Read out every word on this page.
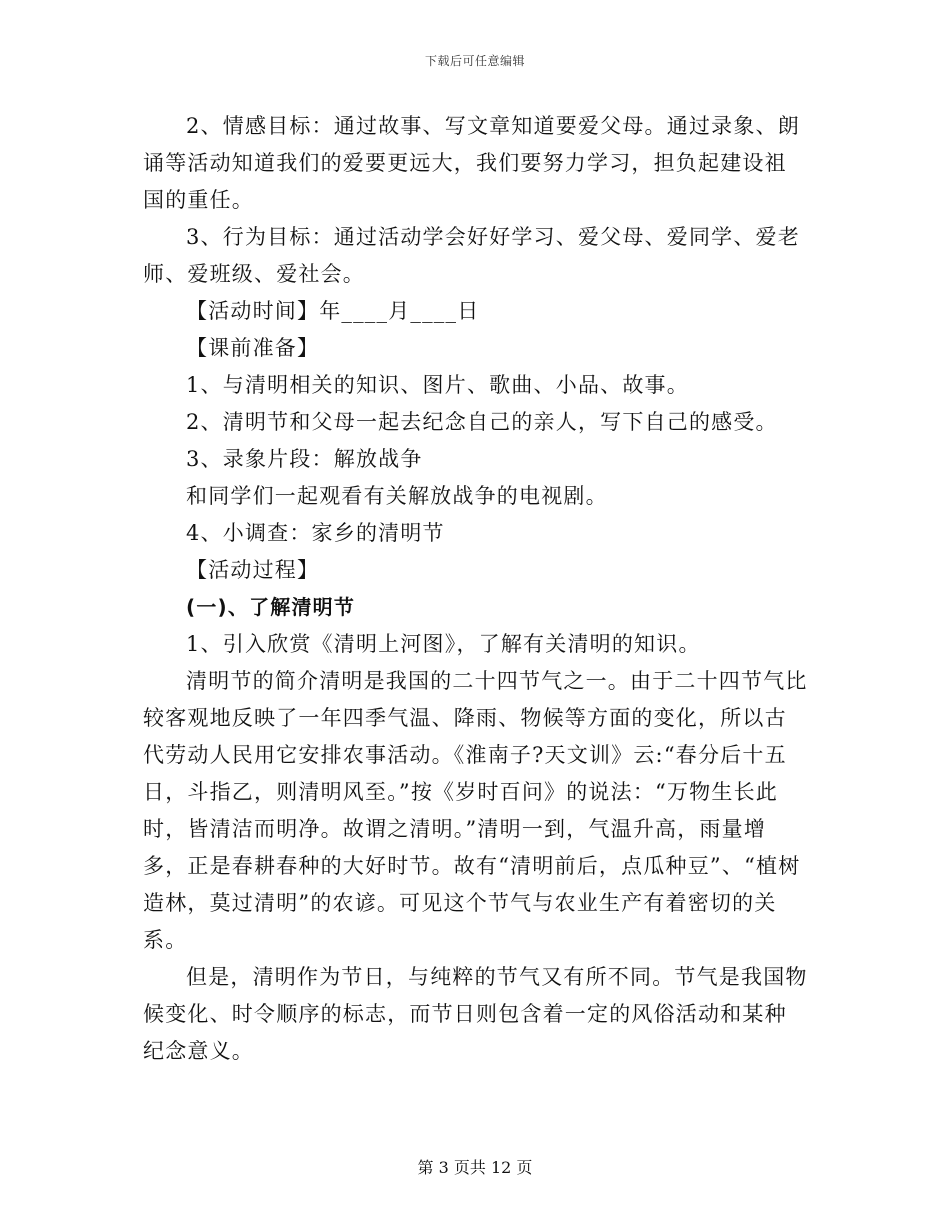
下载后可任意编辑

2、情感目标：通过故事、写文章知道要爱父母。通过录象、朗诵等活动知道我们的爱要更远大，我们要努力学习，担负起建设祖国的重任。

3、行为目标：通过活动学会好好学习、爱父母、爱同学、爱老师、爱班级、爱社会。

【活动时间】年____月____日

【课前准备】

1、与清明相关的知识、图片、歌曲、小品、故事。

2、清明节和父母一起去纪念自己的亲人，写下自己的感受。

3、录象片段：解放战争

和同学们一起观看有关解放战争的电视剧。

4、小调查：家乡的清明节

【活动过程】

(一)、了解清明节

1、引入欣赏《清明上河图》，了解有关清明的知识。

清明节的简介清明是我国的二十四节气之一。由于二十四节气比较客观地反映了一年四季气温、降雨、物候等方面的变化，所以古代劳动人民用它安排农事活动。《淮南子?天文训》云:“春分后十五日，斗指乙，则清明风至。”按《岁时百问》的说法：“万物生长此时，皆清洁而明净。故谓之清明。”清明一到，气温升高，雨量增多，正是春耕春种的大好时节。故有“清明前后，点瓜种豆”、“植树造林，莫过清明”的农谚。可见这个节气与农业生产有着密切的关系。

但是，清明作为节日，与纯粹的节气又有所不同。节气是我国物候变化、时令顺序的标志，而节日则包含着一定的风俗活动和某种纪念意义。

第 3 页共 12 页
